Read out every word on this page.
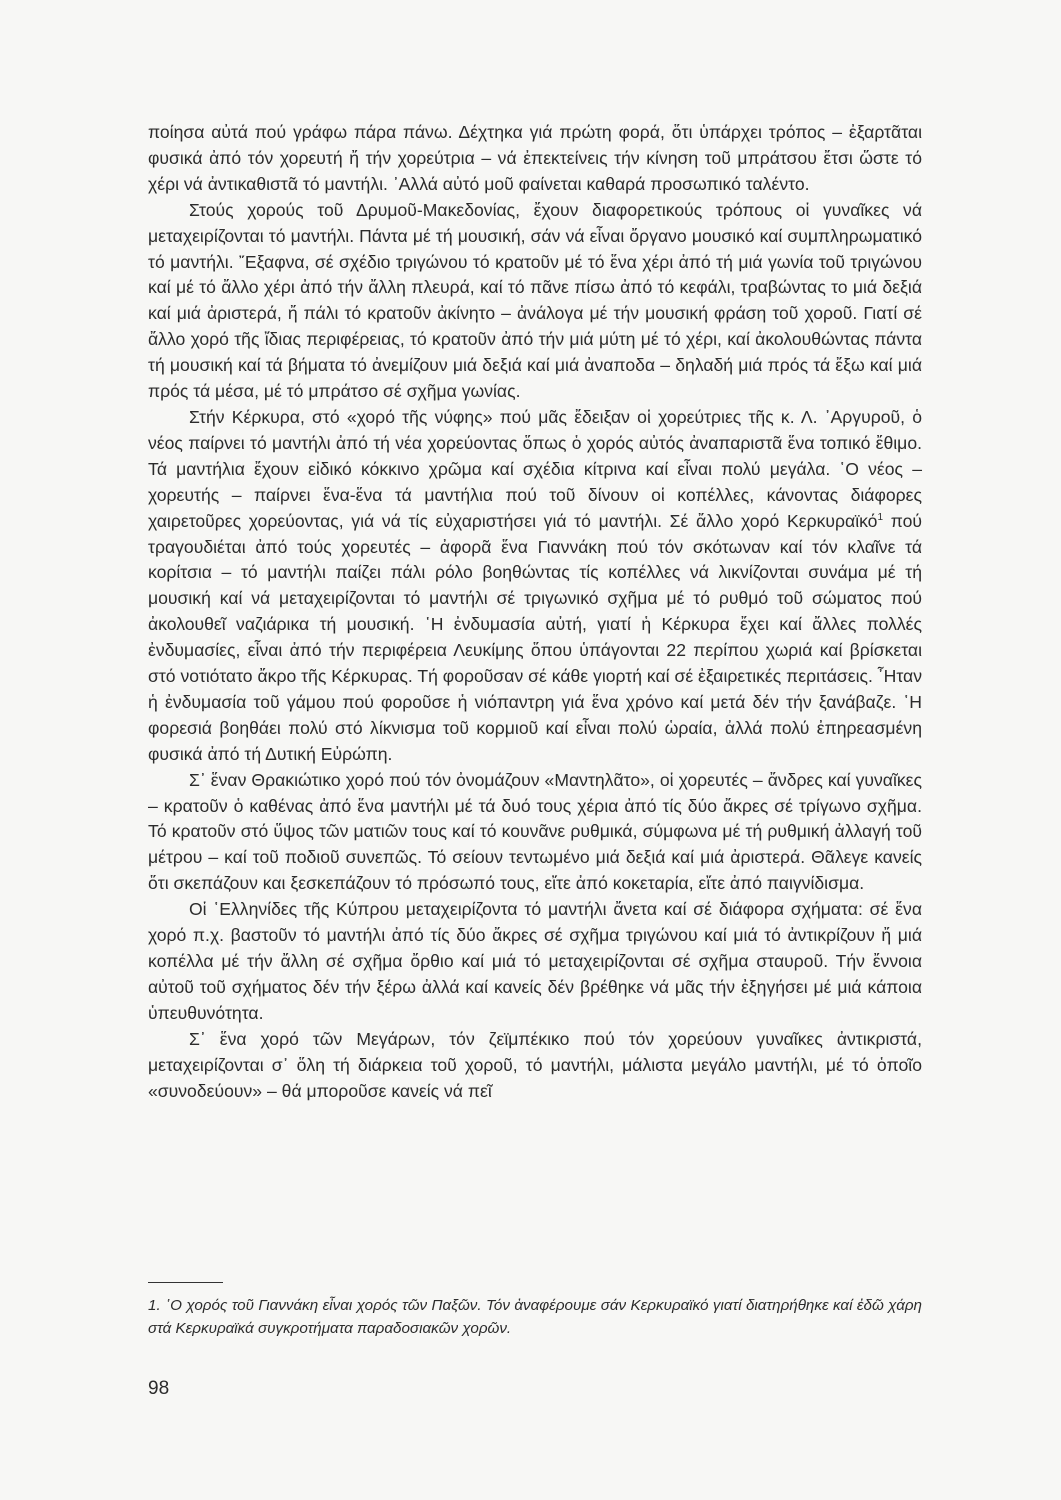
ποίησα αὐτά πού γράφω πάρα πάνω. Δέχτηκα γιά πρώτη φορά, ὅτι ὑπάρχει τρόπος – ἐξαρτᾶται φυσικά ἀπό τόν χορευτή ἤ τήν χορεύτρια – νά ἐπεκτείνεις τήν κίνηση τοῦ μπράτσου ἔτσι ὥστε τό χέρι νά ἀντικαθιστᾶ τό μαντήλι. ᾽Αλλά αὐτό μοῦ φαίνεται καθαρά προσωπικό ταλέντο.

Στούς χορούς τοῦ Δρυμοῦ-Μακεδονίας, ἔχουν διαφορετικούς τρόπους οἱ γυναῖκες νά μεταχειρίζονται τό μαντήλι. Πάντα μέ τή μουσική, σάν νά εἶναι ὄργανο μουσικό καί συμπληρωματικό τό μαντήλι. ῎Εξαφνα, σέ σχέδιο τριγώνου τό κρατοῦν μέ τό ἕνα χέρι ἀπό τή μιά γωνία τοῦ τριγώνου καί μέ τό ἄλλο χέρι ἀπό τήν ἄλλη πλευρά, καί τό πᾶνε πίσω ἀπό τό κεφάλι, τραβώντας το μιά δεξιά καί μιά ἀριστερά, ἤ πάλι τό κρατοῦν ἀκίνητο – ἀνάλογα μέ τήν μουσική φράση τοῦ χοροῦ. Γιατί σέ ἄλλο χορό τῆς ἴδιας περιφέρειας, τό κρατοῦν ἀπό τήν μιά μύτη μέ τό χέρι, καί ἀκολουθώντας πάντα τή μουσική καί τά βήματα τό ἀνεμίζουν μιά δεξιά καί μιά ἀναποδα – δηλαδή μιά πρός τά ἔξω καί μιά πρός τά μέσα, μέ τό μπράτσο σέ σχῆμα γωνίας.

Στήν Κέρκυρα, στό «χορό τῆς νύφης» πού μᾶς ἔδειξαν οἱ χορεύτριες τῆς κ. Λ. ᾽Αργυροῦ, ὁ νέος παίρνει τό μαντήλι ἀπό τή νέα χορεύοντας ὅπως ὁ χορός αὐτός ἀναπαριστᾶ ἕνα τοπικό ἔθιμο. Τά μαντήλια ἔχουν εἰδικό κόκκινο χρῶμα καί σχέδια κίτρινα καί εἶναι πολύ μεγάλα. ῾Ο νέος – χορευτής – παίρνει ἕνα-ἕνα τά μαντήλια πού τοῦ δίνουν οἱ κοπέλλες, κάνοντας διάφορες χαιρετοῦρες χορεύοντας, γιά νά τίς εὐχαριστήσει γιά τό μαντήλι. Σέ ἄλλο χορό Κερκυραϊκό$^1$ πού τραγουδιέται ἀπό τούς χορευτές – ἀφορᾶ ἕνα Γιαννάκη πού τόν σκότωναν καί τόν κλαῖνε τά κορίτσια – τό μαντήλι παίζει πάλι ρόλο βοηθώντας τίς κοπέλλες νά λικνίζονται συνάμα μέ τή μουσική καί νά μεταχειρίζονται τό μαντήλι σέ τριγωνικό σχῆμα μέ τό ρυθμό τοῦ σώματος πού ἀκολουθεῖ ναζιάρικα τή μουσική. ῾Η ἐνδυμασία αὐτή, γιατί ἡ Κέρκυρα ἔχει καί ἄλλες πολλές ἐνδυμασίες, εἶναι ἀπό τήν περιφέρεια Λευκίμης ὅπου ὑπάγονται 22 περίπου χωριά καί βρίσκεται στό νοτιότατο ἄκρο τῆς Κέρκυρας. Τή φοροῦσαν σέ κάθε γιορτή καί σέ ἐξαιρετικές περιτάσεις. ῏Ηταν ἡ ἐνδυμασία τοῦ γάμου πού φοροῦσε ἡ νιόπαντρη γιά ἕνα χρόνο καί μετά δέν τήν ξανάβαζε. ῾Η φορεσιά βοηθάει πολύ στό λίκνισμα τοῦ κορμιοῦ καί εἶναι πολύ ὡραία, ἀλλά πολύ ἐπηρεασμένη φυσικά ἀπό τή Δυτική Εὐρώπη.

Σ᾽ ἕναν Θρακιώτικο χορό πού τόν ὀνομάζουν «Μαντηλᾶτο», οἱ χορευτές – ἄνδρες καί γυναῖκες – κρατοῦν ὁ καθένας ἀπό ἕνα μαντήλι μέ τά δυό τους χέρια ἀπό τίς δύο ἄκρες σέ τρίγωνο σχῆμα. Τό κρατοῦν στό ὕψος τῶν ματιῶν τους καί τό κουνᾶνε ρυθμικά, σύμφωνα μέ τή ρυθμική ἀλλαγή τοῦ μέτρου – καί τοῦ ποδιοῦ συνεπῶς. Τό σείουν τεντωμένο μιά δεξιά καί μιά ἀριστερά. Θᾶλεγε κανείς ὅτι σκεπάζουν και ξεσκεπάζουν τό πρόσωπό τους, εἴτε ἀπό κοκεταρία, εἴτε ἀπό παιγνίδισμα.

Οἱ ῾Ελληνίδες τῆς Κύπρου μεταχειρίζοντα τό μαντήλι ἄνετα καί σέ διάφορα σχήματα: σέ ἕνα χορό π.χ. βαστοῦν τό μαντήλι ἀπό τίς δύο ἄκρες σέ σχῆμα τριγώνου καί μιά τό ἀντικρίζουν ἤ μιά κοπέλλα μέ τήν ἄλλη σέ σχῆμα ὄρθιο καί μιά τό μεταχειρίζονται σέ σχῆμα σταυροῦ. Τήν ἔννοια αὐτοῦ τοῦ σχήματος δέν τήν ξέρω ἀλλά καί κανείς δέν βρέθηκε νά μᾶς τήν ἐξηγήσει μέ μιά κάποια ὑπευθυνότητα.

Σ᾽ ἕνα χορό τῶν Μεγάρων, τόν ζεϊμπέκικο πού τόν χορεύουν γυναῖκες ἀντικριστά, μεταχειρίζονται σ᾽ ὅλη τή διάρκεια τοῦ χοροῦ, τό μαντήλι, μάλιστα μεγάλο μαντήλι, μέ τό ὁποῖο «συνοδεύουν» – θά μποροῦσε κανείς νά πεῖ

1. ῾Ο χορός τοῦ Γιαννάκη εἶναι χορός τῶν Παξῶν. Τόν ἀναφέρουμε σάν Κερκυραϊκό γιατί διατηρήθηκε καί ἐδῶ χάρη στά Κερκυραϊκά συγκροτήματα παραδοσιακῶν χορῶν.

98
